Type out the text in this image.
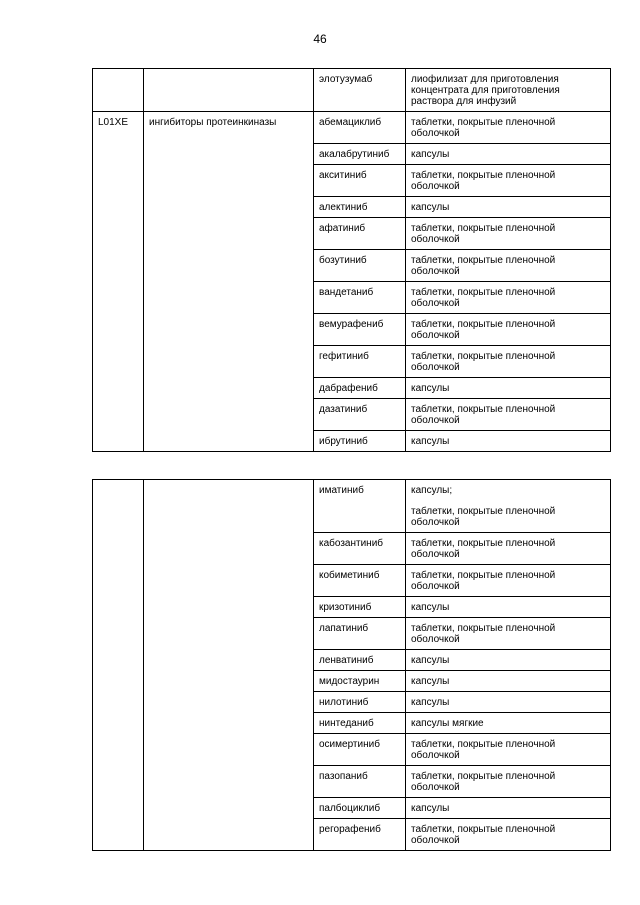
46
		элотузумаб	лиофилизат для приготовления концентрата для приготовления раствора для инфузий

L01XE	ингибиторы протеинкиназы	абемациклиб	таблетки, покрытые пленочной оболочкой

		акалабрутиниб	капсулы

		акситиниб	таблетки, покрытые пленочной оболочкой

		алектиниб	капсулы

		афатиниб	таблетки, покрытые пленочной оболочкой

		бозутиниб	таблетки, покрытые пленочной оболочкой

		вандетаниб	таблетки, покрытые пленочной оболочкой

		вемурафениб	таблетки, покрытые пленочной оболочкой

		гефитиниб	таблетки, покрытые пленочной оболочкой

		дабрафениб	капсулы

		дазатиниб	таблетки, покрытые пленочной оболочкой

		ибрутиниб	капсулы
		иматиниб	капсулы;
таблетки, покрытые пленочной оболочкой

		кабозантиниб	таблетки, покрытые пленочной оболочкой

		кобиметиниб	таблетки, покрытые пленочной оболочкой

		кризотиниб	капсулы

		лапатиниб	таблетки, покрытые пленочной оболочкой

		ленватиниб	капсулы

		мидостаурин	капсулы

		нилотиниб	капсулы

		нинтеданиб	капсулы мягкие

		осимертиниб	таблетки, покрытые пленочной оболочкой

		пазопаниб	таблетки, покрытые пленочной оболочкой

		палбоциклиб	капсулы

		регорафениб	таблетки, покрытые пленочной оболочкой
